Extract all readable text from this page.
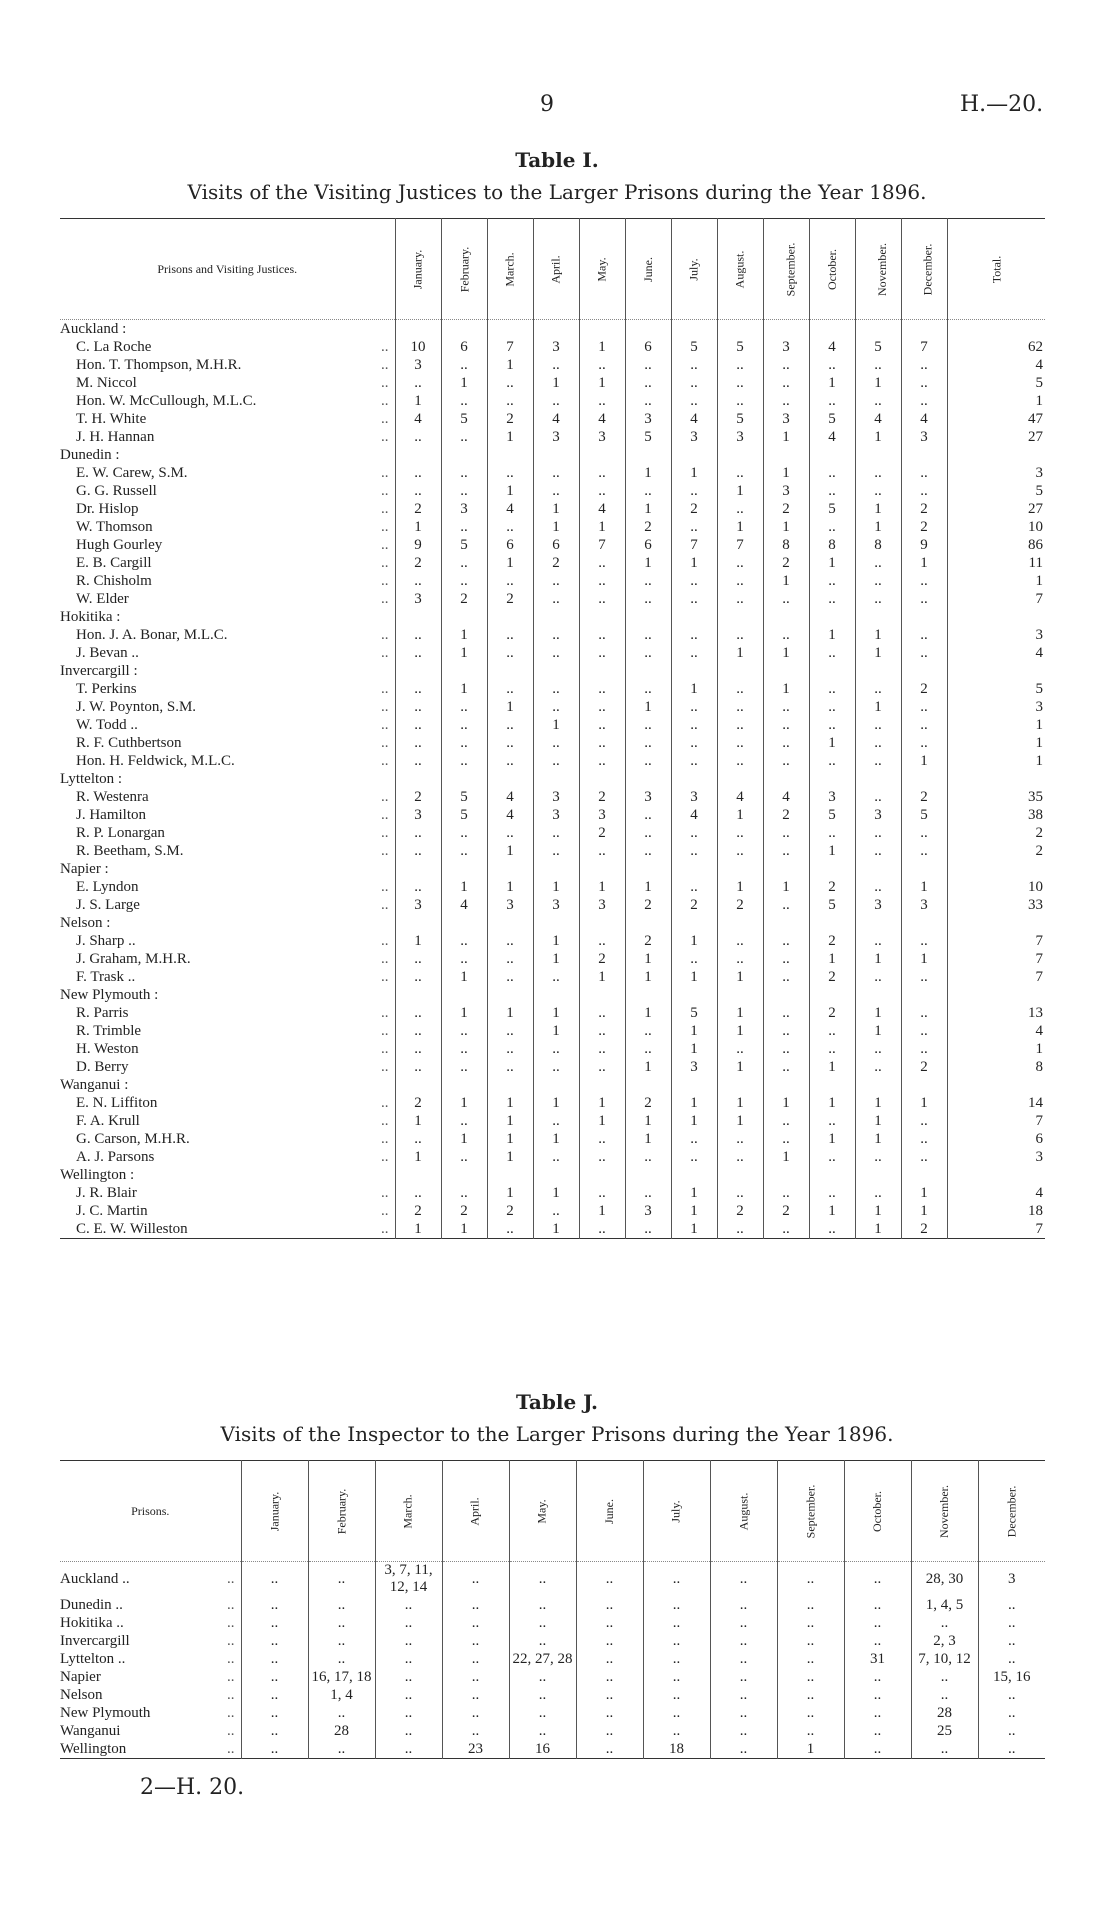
9	H.—20.
Table I.
Visits of the Visiting Justices to the Larger Prisons during the Year 1896.
Prisons and Visiting Justices.	January.	February.	March.	April.	May.	June.	July.	August.	September.	October.	November.	December.	Total.
Auckland :													
C. La Roche ..	10	6	7	3	1	6	5	5	3	4	5	7	62
Hon. T. Thompson, M.H.R. ..	3	..	1	..	..	..	..	..	..	..	..	..	4
M. Niccol ..	..	1	..	1	1	..	..	..	..	1	1	..	5
Hon. W. McCullough, M.L.C. ..	1	..	..	..	..	..	..	..	..	..	..	..	1
T. H. White ..	4	5	2	4	4	3	4	5	3	5	4	4	47
J. H. Hannan ..	..	..	1	3	3	5	3	3	1	4	1	3	27
Dunedin :													
E. W. Carew, S.M. ..	..	..	..	..	..	1	1	..	1	..	..	..	3
G. G. Russell ..	..	..	1	..	..	..	..	1	3	..	..	..	5
Dr. Hislop ..	2	3	4	1	4	1	2	..	2	5	1	2	27
W. Thomson ..	1	..	..	1	1	2	..	1	1	..	1	2	10
Hugh Gourley ..	9	5	6	6	7	6	7	7	8	8	8	9	86
E. B. Cargill ..	2	..	1	2	..	1	1	..	2	1	..	1	11
R. Chisholm ..	..	..	..	..	..	..	..	..	1	..	..	..	1
W. Elder ..	3	2	2	..	..	..	..	..	..	..	..	..	7
Hokitika :													
Hon. J. A. Bonar, M.L.C. ..	..	1	..	..	..	..	..	..	..	1	1	..	3
J. Bevan .. ..	..	1	..	..	..	..	..	1	1	..	1	..	4
Invercargill :													
T. Perkins ..	..	1	..	..	..	..	1	..	1	..	..	2	5
J. W. Poynton, S.M. ..	..	..	1	..	..	1	..	..	..	..	1	..	3
W. Todd .. ..	..	..	..	1	..	..	..	..	..	..	..	..	1
R. F. Cuthbertson ..	..	..	..	..	..	..	..	..	..	1	..	..	1
Hon. H. Feldwick, M.L.C. ..	..	..	..	..	..	..	..	..	..	..	..	1	1
Lyttelton :													
R. Westenra ..	2	5	4	3	2	3	3	4	4	3	..	2	35
J. Hamilton ..	3	5	4	3	3	..	4	1	2	5	3	5	38
R. P. Lonargan ..	..	..	..	..	2	..	..	..	..	..	..	..	2
R. Beetham, S.M. ..	..	..	1	..	..	..	..	..	..	1	..	..	2
Napier :													
E. Lyndon ..	..	1	1	1	1	1	..	1	1	2	..	1	10
J. S. Large ..	3	4	3	3	3	2	2	2	..	5	3	3	33
Nelson :													
J. Sharp .. ..	1	..	..	1	..	2	1	..	..	2	..	..	7
J. Graham, M.H.R. ..	..	..	..	1	2	1	..	..	..	1	1	1	7
F. Trask .. ..	..	1	..	..	1	1	1	1	..	2	..	..	7
New Plymouth :													
R. Parris ..	..	1	1	1	..	1	5	1	..	2	1	..	13
R. Trimble ..	..	..	..	1	..	..	1	1	..	..	1	..	4
H. Weston ..	..	..	..	..	..	..	1	..	..	..	..	..	1
D. Berry ..	..	..	..	..	..	1	3	1	..	1	..	2	8
Wanganui :													
E. N. Liffiton ..	2	1	1	1	1	2	1	1	1	1	1	1	14
F. A. Krull ..	1	..	1	..	1	1	1	1	..	..	1	..	7
G. Carson, M.H.R. ..	..	1	1	1	..	1	..	..	..	1	1	..	6
A. J. Parsons ..	1	..	1	..	..	..	..	..	1	..	..	..	3
Wellington :													
J. R. Blair ..	..	..	1	1	..	..	1	..	..	..	..	1	4
J. C. Martin ..	2	2	2	..	1	3	1	2	2	1	1	1	18
C. E. W. Willeston ..	1	1	..	1	..	..	1	..	..	..	1	2	7
Table J.
Visits of the Inspector to the Larger Prisons during the Year 1896.
Prisons.	January.	February.	March.	April.	May.	June.	July.	August.	September.	October.	November.	December.
Auckland .. ..	..	..	3, 7, 11, 12, 14	..	..	..	..	..	..	..	28, 30	3
Dunedin .. ..	..	..	..	..	..	..	..	..	..	..	1, 4, 5	..
Hokitika .. ..	..	..	..	..	..	..	..	..	..	..	..	..
Invercargill ..	..	..	..	..	..	..	..	..	..	..	2, 3	..
Lyttelton .. ..	..	..	..	..	22, 27, 28	..	..	..	..	31	7, 10, 12	..
Napier ..	..	16, 17, 18	..	..	..	..	..	..	..	..	..	15, 16
Nelson ..	..	1, 4	..	..	..	..	..	..	..	..	..	..
New Plymouth ..	..	..	..	..	..	..	..	..	..	..	28	..
Wanganui ..	..	28	..	..	..	..	..	..	..	..	25	..
Wellington ..	..	..	..	23	16	..	18	..	1	..	..	..
2—H. 20.
